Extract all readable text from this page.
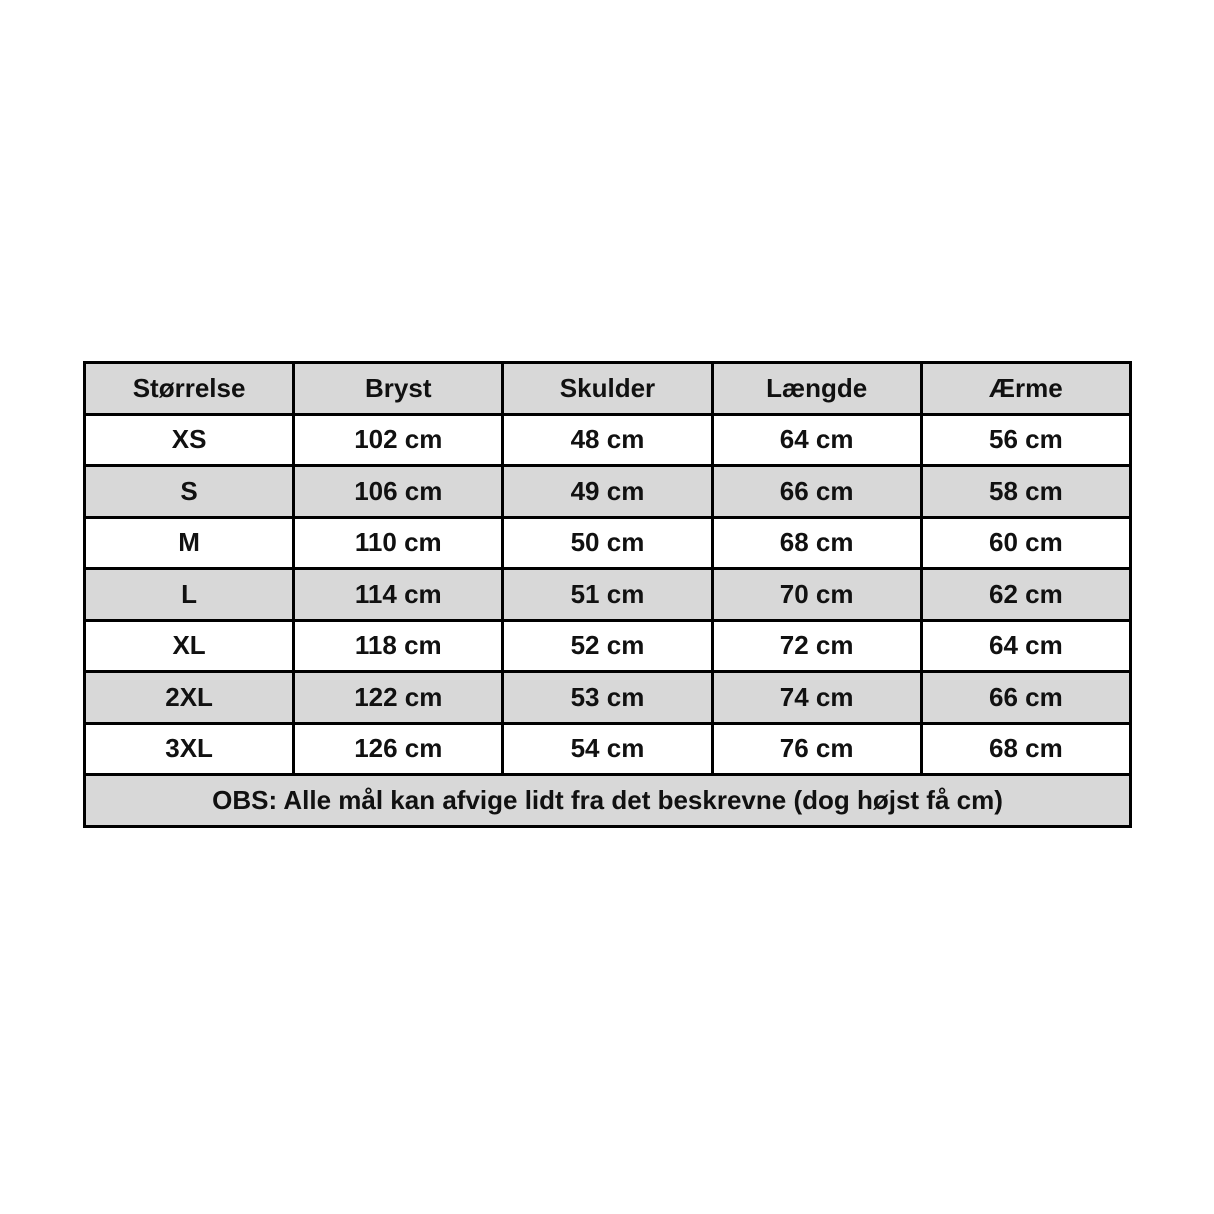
Størrelse	Bryst	Skulder	Længde	Ærme
XS	102 cm	48 cm	64 cm	56 cm
S	106 cm	49 cm	66 cm	58 cm
M	110 cm	50 cm	68 cm	60 cm
L	114 cm	51 cm	70 cm	62 cm
XL	118 cm	52 cm	72 cm	64 cm
2XL	122 cm	53 cm	74 cm	66 cm
3XL	126 cm	54 cm	76 cm	68 cm
OBS: Alle mål kan afvige lidt fra det beskrevne (dog højst få cm)				
